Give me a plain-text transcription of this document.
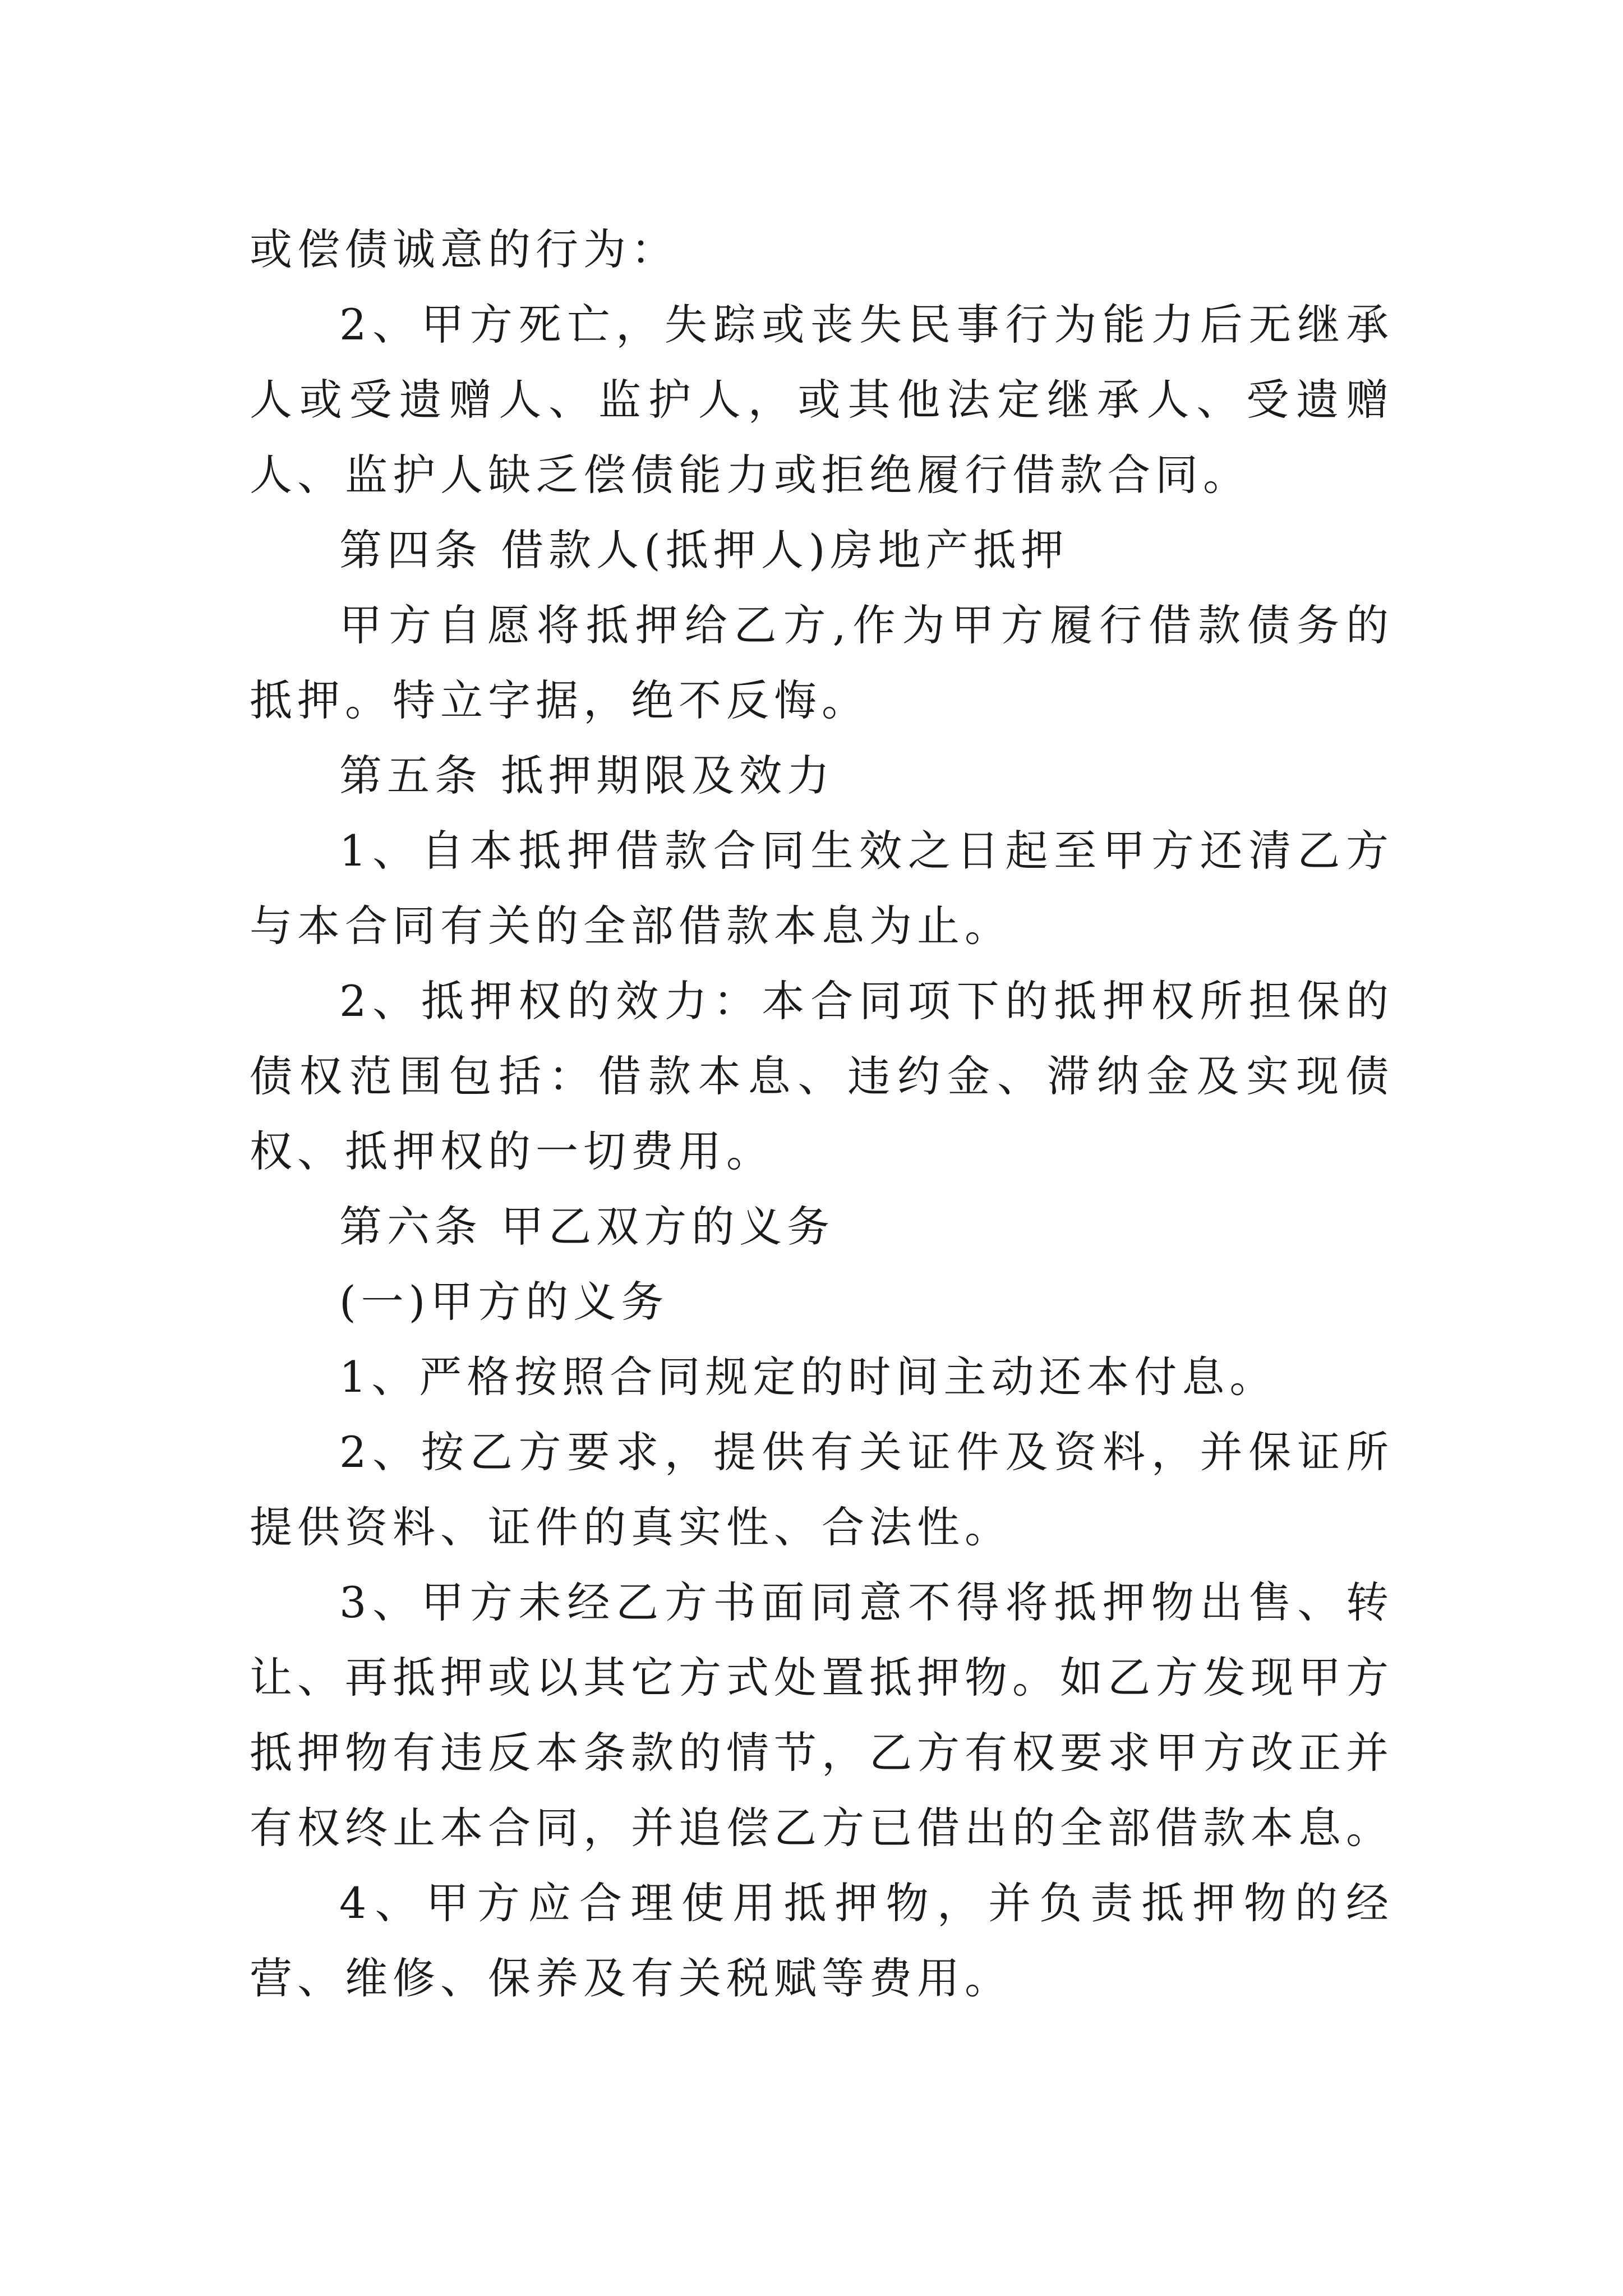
或偿债诚意的行为：

2、甲方死亡，失踪或丧失民事行为能力后无继承人或受遗赠人、监护人，或其他法定继承人、受遗赠人、监护人缺乏偿债能力或拒绝履行借款合同。

第四条 借款人(抵押人)房地产抵押

甲方自愿将抵押给乙方,作为甲方履行借款债务的抵押。特立字据，绝不反悔。

第五条 抵押期限及效力

1、自本抵押借款合同生效之日起至甲方还清乙方与本合同有关的全部借款本息为止。

2、抵押权的效力：本合同项下的抵押权所担保的债权范围包括：借款本息、违约金、滞纳金及实现债权、抵押权的一切费用。

第六条 甲乙双方的义务

(一)甲方的义务

1、严格按照合同规定的时间主动还本付息。

2、按乙方要求，提供有关证件及资料，并保证所提供资料、证件的真实性、合法性。

3、甲方未经乙方书面同意不得将抵押物出售、转让、再抵押或以其它方式处置抵押物。如乙方发现甲方抵押物有违反本条款的情节，乙方有权要求甲方改正并有权终止本合同，并追偿乙方已借出的全部借款本息。

4、甲方应合理使用抵押物，并负责抵押物的经营、维修、保养及有关税赋等费用。
